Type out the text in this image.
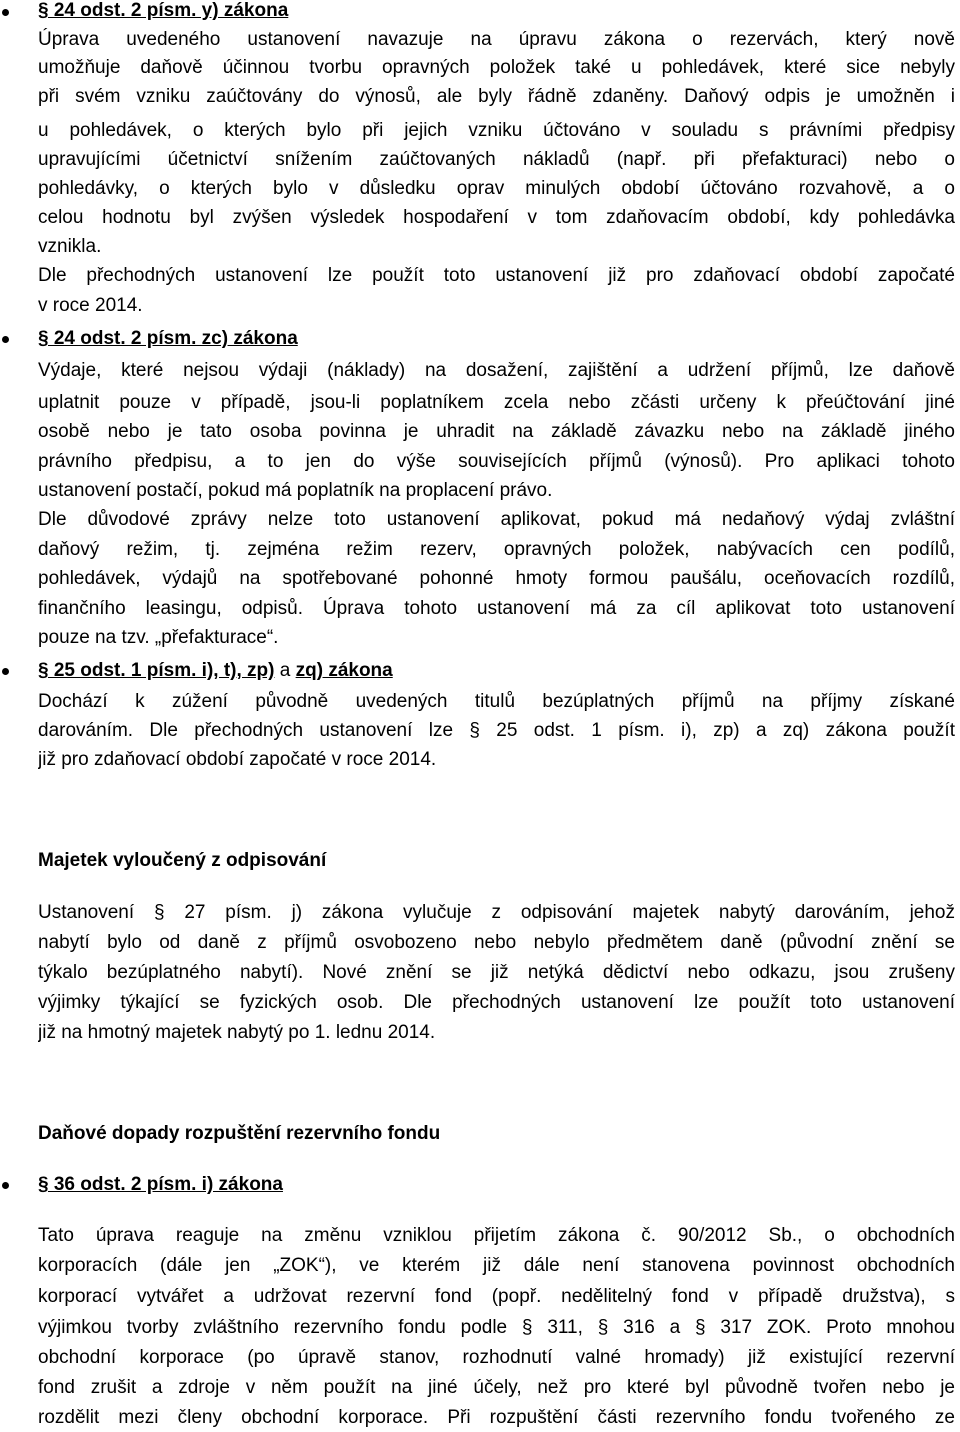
§ 24 odst. 2 písm. y) zákona
Úprava uvedeného ustanovení navazuje na úpravu zákona o rezervách, který nově
umožňuje daňově účinnou tvorbu opravných položek také u pohledávek, které sice nebyly
při svém vzniku zaúčtovány do výnosů, ale byly řádně zdaněny. Daňový odpis je umožněn i
u pohledávek, o kterých bylo při jejich vzniku účtováno v souladu s právními předpisy
upravujícími účetnictví snížením zaúčtovaných nákladů (např. při přefakturaci) nebo o
pohledávky, o kterých bylo v důsledku oprav minulých období účtováno rozvahově, a o
celou hodnotu byl zvýšen výsledek hospodaření v tom zdaňovacím období, kdy pohledávka
vznikla.
Dle přechodných ustanovení lze použít toto ustanovení již pro zdaňovací období započaté
v roce 2014.
§ 24 odst. 2 písm. zc) zákona
Výdaje, které nejsou výdaji (náklady) na dosažení, zajištění a udržení příjmů, lze daňově
uplatnit pouze v případě, jsou-li poplatníkem zcela nebo zčásti určeny k přeúčtování jiné
osobě nebo je tato osoba povinna je uhradit na základě závazku nebo na základě jiného
právního předpisu, a to jen do výše souvisejících příjmů (výnosů). Pro aplikaci tohoto
ustanovení postačí, pokud má poplatník na proplacení právo.
Dle důvodové zprávy nelze toto ustanovení aplikovat, pokud má nedaňový výdaj zvláštní
daňový režim, tj. zejména režim rezerv, opravných položek, nabývacích cen podílů,
pohledávek, výdajů na spotřebované pohonné hmoty formou paušálu, oceňovacích rozdílů,
finančního leasingu, odpisů. Úprava tohoto ustanovení má za cíl aplikovat toto ustanovení
pouze na tzv. „přefakturace“.
§ 25 odst. 1 písm. i), t), zp) a zq) zákona
Dochází k zúžení původně uvedených titulů bezúplatných příjmů na příjmy získané
darováním. Dle přechodných ustanovení lze § 25 odst. 1 písm. i), zp) a zq) zákona použít
již pro zdaňovací období započaté v roce 2014.
Majetek vyloučený z odpisování
Ustanovení § 27 písm. j) zákona vylučuje z odpisování majetek nabytý darováním, jehož
nabytí bylo od daně z příjmů osvobozeno nebo nebylo předmětem daně (původní znění se
týkalo bezúplatného nabytí). Nové znění se již netýká dědictví nebo odkazu, jsou zrušeny
výjimky týkající se fyzických osob. Dle přechodných ustanovení lze použít toto ustanovení
již na hmotný majetek nabytý po 1. lednu 2014.
Daňové dopady rozpuštění rezervního fondu
§ 36 odst. 2 písm. i) zákona
Tato úprava reaguje na změnu vzniklou přijetím zákona č. 90/2012 Sb., o obchodních
korporacích (dále jen „ZOK“), ve kterém již dále není stanovena povinnost obchodních
korporací vytvářet a udržovat rezervní fond (popř. nedělitelný fond v případě družstva), s
výjimkou tvorby zvláštního rezervního fondu podle § 311, § 316 a § 317 ZOK. Proto mnohou
obchodní korporace (po úpravě stanov, rozhodnutí valné hromady) již existující rezervní
fond zrušit a zdroje v něm použít na jiné účely, než pro které byl původně tvořen nebo je
rozdělit mezi členy obchodní korporace. Při rozpuštění části rezervního fondu tvořeného ze
